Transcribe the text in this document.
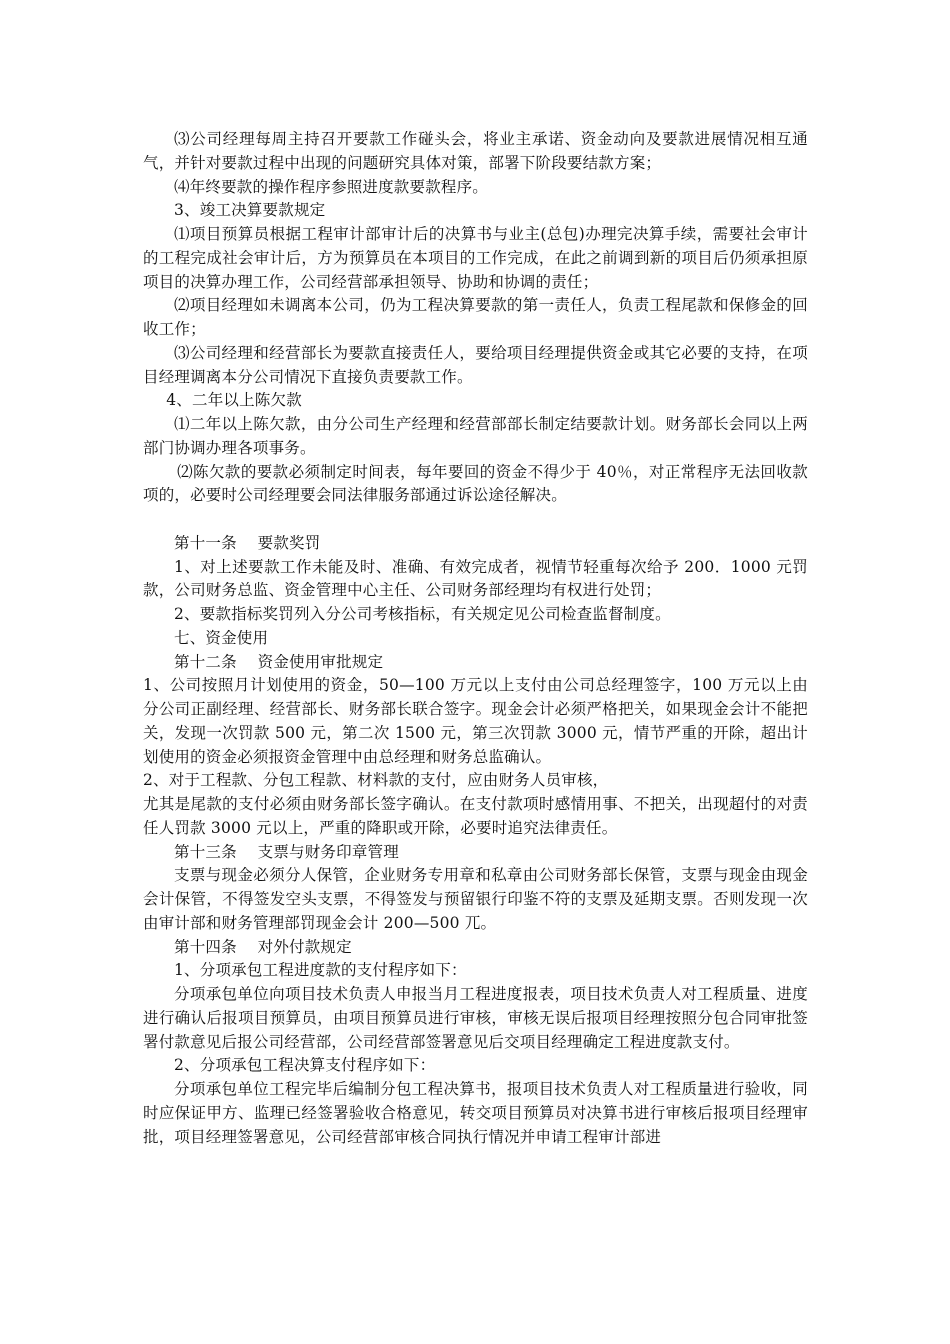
⑶公司经理每周主持召开要款工作碰头会，将业主承诺、资金动向及要款进展情况相互通气，并针对要款过程中出现的问题研究具体对策，部署下阶段要结款方案；

⑷年终要款的操作程序参照进度款要款程序。

3、竣工决算要款规定

⑴项目预算员根据工程审计部审计后的决算书与业主(总包)办理完决算手续，需要社会审计的工程完成社会审计后，方为预算员在本项目的工作完成，在此之前调到新的项目后仍须承担原项目的决算办理工作，公司经营部承担领导、协助和协调的责任；

⑵项目经理如未调离本公司，仍为工程决算要款的第一责任人，负责工程尾款和保修金的回收工作；

⑶公司经理和经营部长为要款直接责任人，要给项目经理提供资金或其它必要的支持，在项目经理调离本分公司情况下直接负责要款工作。

4、二年以上陈欠款

⑴二年以上陈欠款，由分公司生产经理和经营部部长制定结要款计划。财务部长会同以上两部门协调办理各项事务。

⑵陈欠款的要款必须制定时间表，每年要回的资金不得少于 40％，对正常程序无法回收款项的，必要时公司经理要会同法律服务部通过诉讼途径解决。

第十一条　 要款奖罚

1、对上述要款工作未能及时、准确、有效完成者，视情节轻重每次给予 200．1000 元罚款，公司财务总监、资金管理中心主任、公司财务部经理均有权进行处罚；

2、要款指标奖罚列入分公司考核指标，有关规定见公司检查监督制度。

七、资金使用

第十二条　 资金使用审批规定

1、公司按照月计划使用的资金，50—100 万元以上支付由公司总经理签字，100 万元以上由分公司正副经理、经营部长、财务部长联合签字。现金会计必须严格把关，如果现金会计不能把关，发现一次罚款 500 元，第二次 1500 元，第三次罚款 3000 元，情节严重的开除，超出计划使用的资金必须报资金管理中由总经理和财务总监确认。

2、对于工程款、分包工程款、材料款的支付，应由财务人员审核，

尤其是尾款的支付必须由财务部长签字确认。在支付款项时感情用事、不把关，出现超付的对责任人罚款 3000 元以上，严重的降职或开除，必要时追究法律责任。

第十三条　 支票与财务印章管理

支票与现金必须分人保管，企业财务专用章和私章由公司财务部长保管，支票与现金由现金会计保管，不得签发空头支票，不得签发与预留银行印鉴不符的支票及延期支票。否则发现一次由审计部和财务管理部罚现金会计 200—500 兀。

第十四条　 对外付款规定

1、分项承包工程进度款的支付程序如下：

分项承包单位向项目技术负责人申报当月工程进度报表，项目技术负责人对工程质量、进度进行确认后报项目预算员，由项目预算员进行审核，审核无误后报项目经理按照分包合同审批签署付款意见后报公司经营部，公司经营部签署意见后交项目经理确定工程进度款支付。

2、分项承包工程决算支付程序如下：

分项承包单位工程完毕后编制分包工程决算书，报项目技术负责人对工程质量进行验收，同时应保证甲方、监理已经签署验收合格意见，转交项目预算员对决算书进行审核后报项目经理审批，项目经理签署意见，公司经营部审核合同执行情况并申请工程审计部进
